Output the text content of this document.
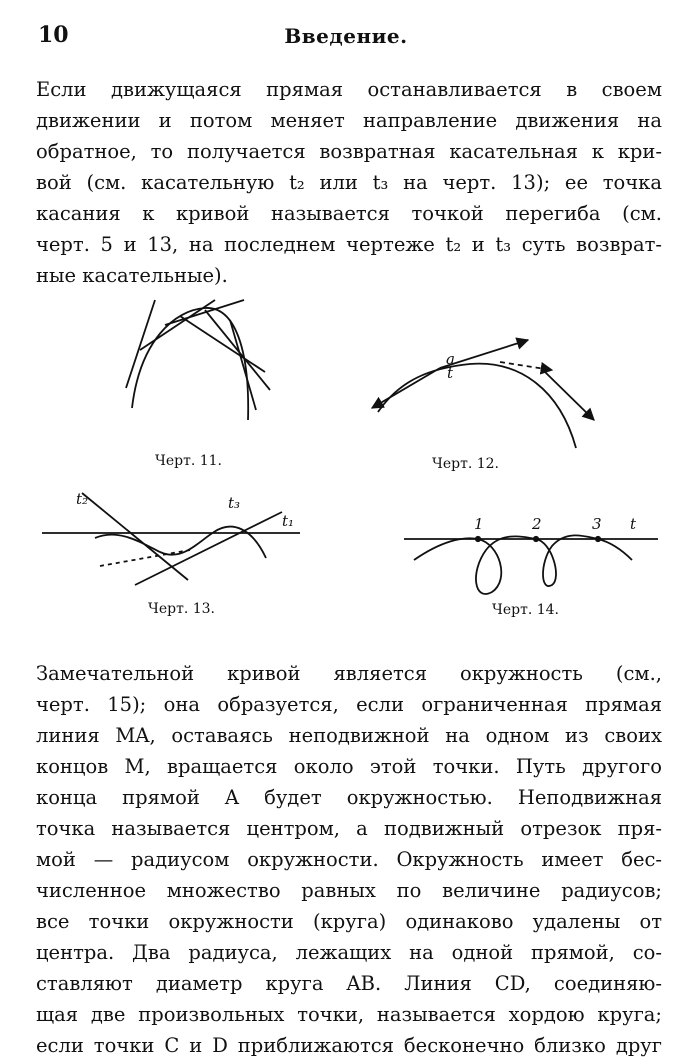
10	Введение.
Если движущаяся прямая останавливается в своем
движении и потом меняет направление движения на
обратное, то получается возвратная касательная к кри-
вой (см. касательную t₂ или t₃ на черт. 13); ее точка
касания к кривой называется точкой перегиба (см.
черт. 5 и 13, на последнем чертеже t₂ и t₃ суть возврат-
ные касательные).
a
t
t₂	t₃
t₁	1	2	3 t
Черт. 11.	Черт. 12.
Черт. 13.	Черт. 14.
Замечательной кривой является окружность (см.,
черт. 15); она образуется, если ограниченная прямая
линия MA, оставаясь неподвижной на одном из своих
концов M, вращается около этой точки. Путь другого
конца прямой A будет окружностью. Неподвижная
точка называется центром, а подвижный отрезок пря-
мой — радиусом окружности. Окружность имеет бес-
численное множество равных по величине радиусов;
все точки окружности (круга) одинаково удалены от
центра. Два радиуса, лежащих на одной прямой, со-
ставляют диаметр круга AB. Линия CD, соединяю-
щая две произвольных точки, называется хордою круга;
если точки C и D приближаются бесконечно близко друг
